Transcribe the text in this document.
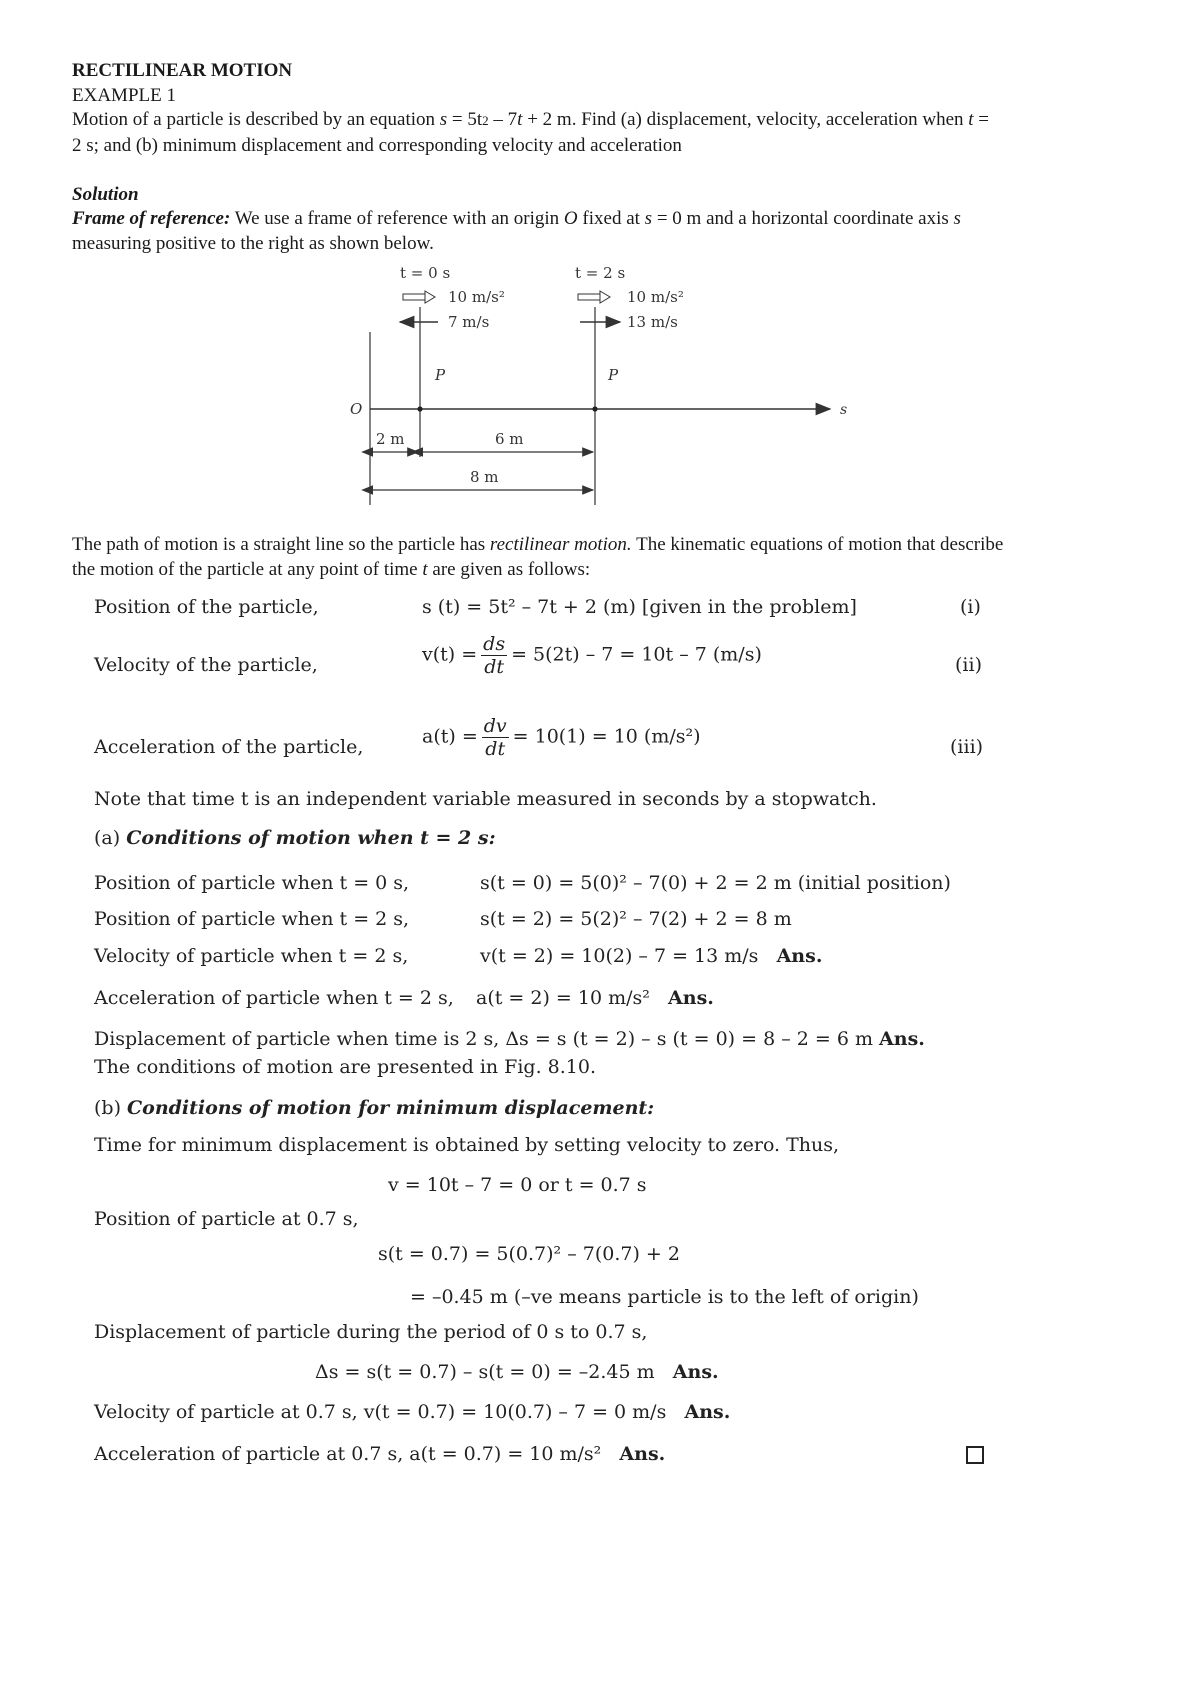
RECTILINEAR MOTION
EXAMPLE 1
Motion of a particle is described by an equation s = 5t2 – 7t + 2 m. Find (a) displacement, velocity, acceleration when t =
2 s; and (b) minimum displacement and corresponding velocity and acceleration
Solution
Frame of reference: We use a frame of reference with an origin O fixed at s = 0 m and a horizontal coordinate axis s
measuring positive to the right as shown below.
t = 0 s	t = 2 s
10 m/s²	10 m/s²
7 m/s	13 m/s
P	P
O	s
2 m	6 m
8 m
The path of motion is a straight line so the particle has rectilinear motion. The kinematic equations of motion that describe
the motion of the particle at any point of time t are given as follows:
Position of the particle,	s (t) = 5t² – 7t + 2 (m) [given in the problem]	(i)
Velocity of the particle,	$v(t) = \frac{ds}{dt} = 5(2t) - 7 = 10t - 7$ (m/s)	(ii)
Acceleration of the particle,	$a(t) = \frac{dv}{dt} = 10(1) = 10$ (m/s²)	(iii)
Note that time t is an independent variable measured in seconds by a stopwatch.
(a) Conditions of motion when t = 2 s:
Position of particle when t = 0 s,	s(t = 0) = 5(0)² – 7(0) + 2 = 2 m (initial position)
Position of particle when t = 2 s,	s(t = 2) = 5(2)² – 7(2) + 2 = 8 m
Velocity of particle when t = 2 s,	v(t = 2) = 10(2) – 7 = 13 m/s Ans.
Acceleration of particle when t = 2 s, a(t = 2) = 10 m/s² Ans.
Displacement of particle when time is 2 s, Δs = s (t = 2) – s (t = 0) = 8 – 2 = 6 m Ans.
The conditions of motion are presented in Fig. 8.10.
(b) Conditions of motion for minimum displacement:
Time for minimum displacement is obtained by setting velocity to zero. Thus,
v = 10t – 7 = 0 or t = 0.7 s
Position of particle at 0.7 s,
s(t = 0.7) = 5(0.7)² – 7(0.7) + 2
= –0.45 m (–ve means particle is to the left of origin)
Displacement of particle during the period of 0 s to 0.7 s,
Δs = s(t = 0.7) – s(t = 0) = –2.45 m Ans.
Velocity of particle at 0.7 s, v(t = 0.7) = 10(0.7) – 7 = 0 m/s Ans.
Acceleration of particle at 0.7 s, a(t = 0.7) = 10 m/s² Ans.
